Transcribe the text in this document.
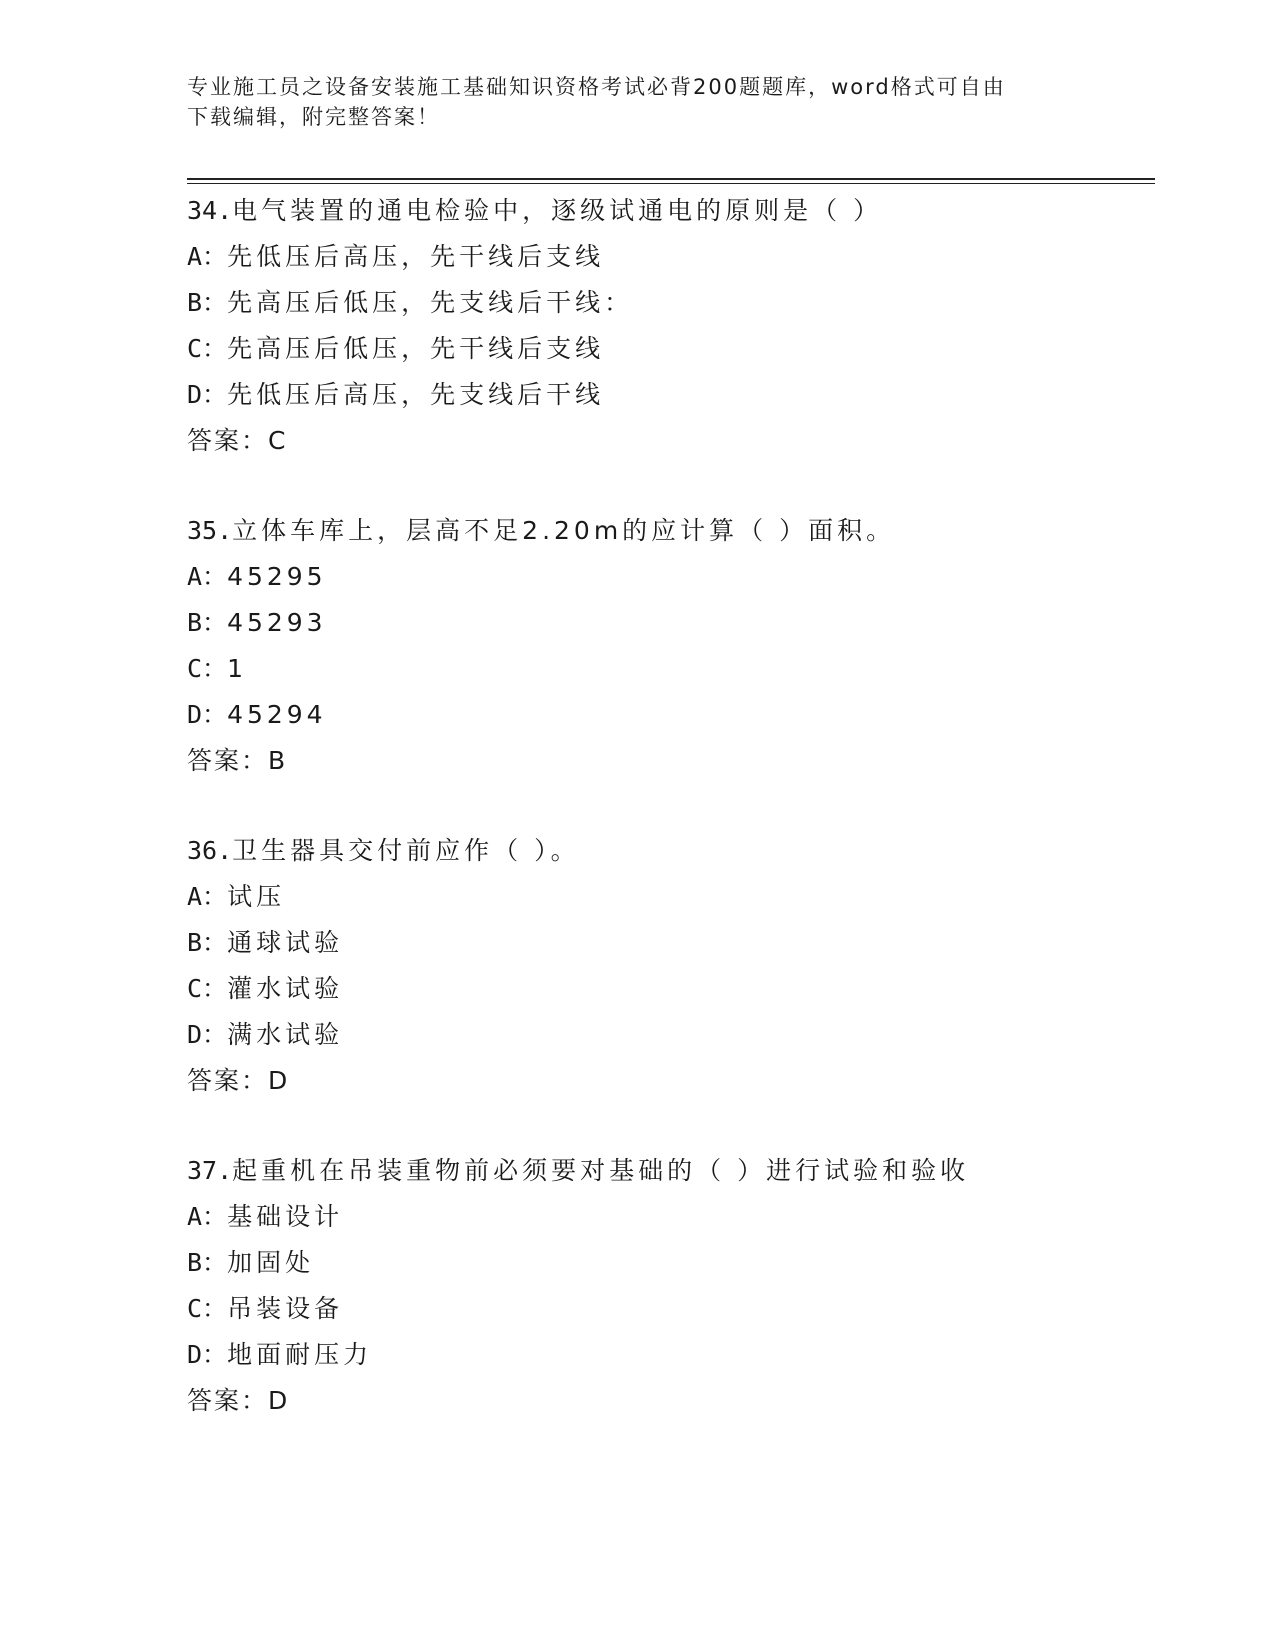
专业施工员之设备安装施工基础知识资格考试必背200题题库，word格式可自由
下载编辑，附完整答案！
34.电气装置的通电检验中，逐级试通电的原则是（ ）
A：先低压后高压，先干线后支线
B：先高压后低压，先支线后干线：
C：先高压后低压，先干线后支线
D：先低压后高压，先支线后干线
答案：C
35.立体车库上，层高不足2.20m的应计算（ ）面积。
A：45295
B：45293
C：1
D：45294
答案：B
36.卫生器具交付前应作（ ）。
A：试压
B：通球试验
C：灌水试验
D：满水试验
答案：D
37.起重机在吊装重物前必须要对基础的（ ）进行试验和验收
A：基础设计
B：加固处
C：吊装设备
D：地面耐压力
答案：D
